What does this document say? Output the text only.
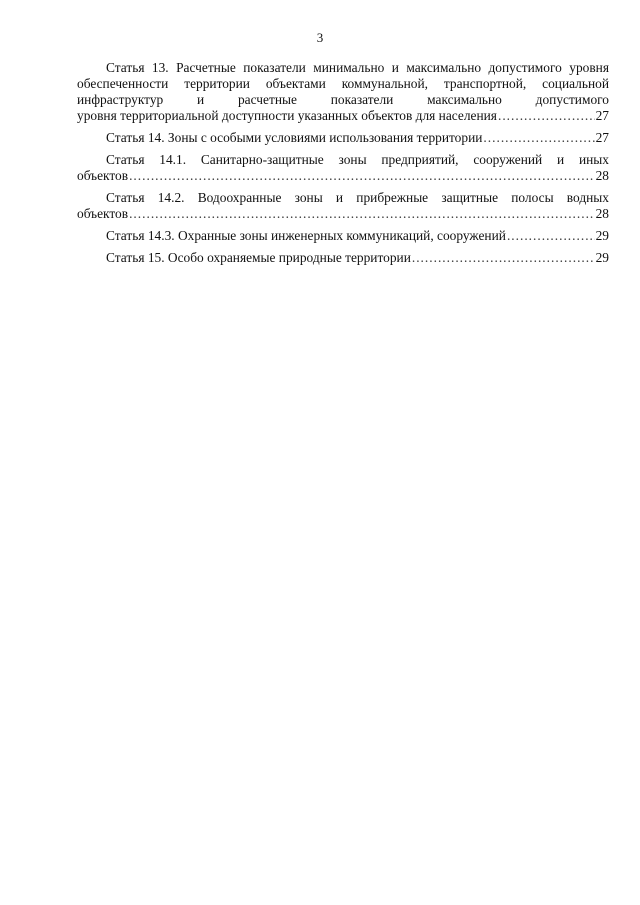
3
Статья 13. Расчетные показатели минимально и максимально допустимого уровня обеспеченности территории объектами коммунальной, транспортной, социальной инфраструктур и расчетные показатели максимально допустимого
уровня территориальной доступности указанных объектов для населения .....	27
Статья 14. Зоны с особыми условиями использования территории .....	27
Статья 14.1. Санитарно-защитные зоны предприятий, сооружений и иных
объектов .....	28
Статья 14.2. Водоохранные зоны и прибрежные защитные полосы водных
объектов .....	28
Статья 14.3. Охранные зоны инженерных коммуникаций, сооружений .....	29
Статья 15. Особо охраняемые природные территории .....	29
